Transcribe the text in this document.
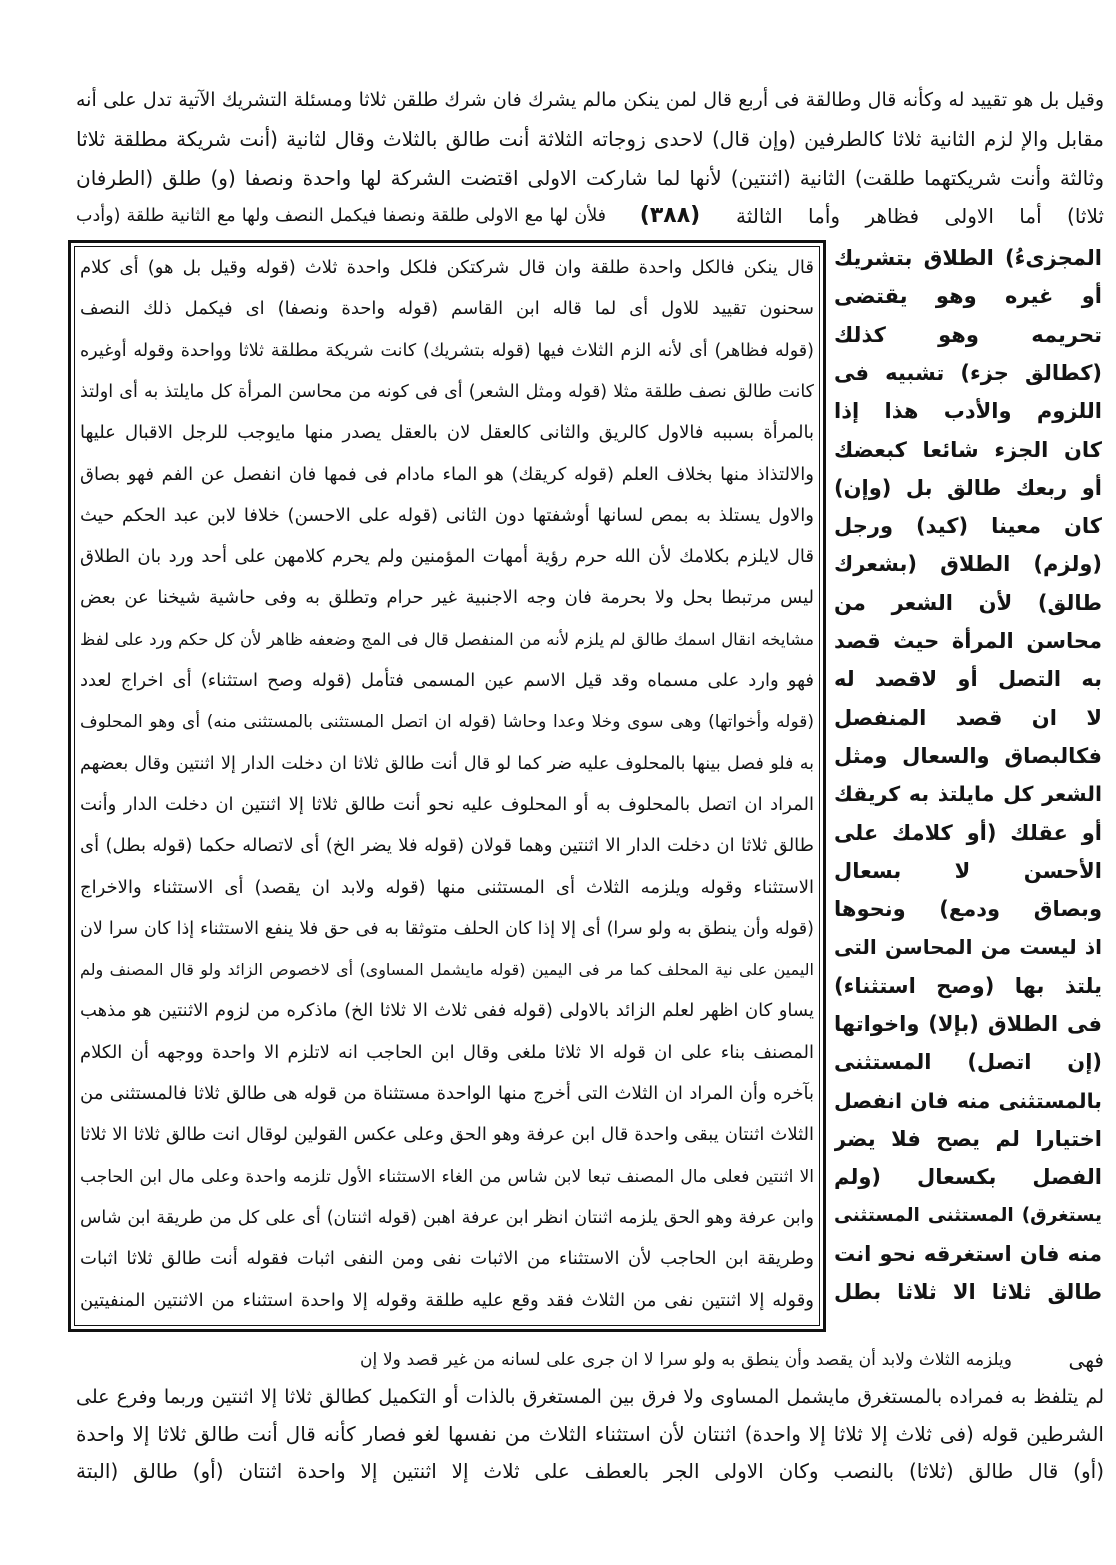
وقيل بل هو تقييد له وكأنه قال وطالقة فى أربع قال لمن ينكن مالم يشرك فان شرك طلقن ثلاثا ومسئلة التشريك الآتية تدل على أنه
مقابل والإ لزم الثانية ثلاثا كالطرفين (وإن قال) لاحدى زوجاته الثلاثة أنت طالق بالثلاث وقال لثانية (أنت شريكة مطلقة ثلاثا
وثالثة وأنت شريكتهما طلقت) الثانية (اثنتين) لأنها لما شاركت الاولى اقتضت الشركة لها واحدة ونصفا (و) طلق (الطرفان
ثلاثا) أما الاولى فظاهر وأما الثالثة
(٣٨٨)
فلأن لها مع الاولى طلقة ونصفا فيكمل النصف ولها مع الثانية طلقة (وأدب
قال ينكن فالكل واحدة طلقة وان قال شركتكن فلكل واحدة ثلاث (قوله وقيل بل هو) أى كلام
سحنون تقييد للاول أى لما قاله ابن القاسم (قوله واحدة ونصفا) اى فيكمل ذلك النصف
(قوله فظاهر) أى لأنه الزم الثلاث فيها (قوله بتشريك) كانت شريكة مطلقة ثلاثا وواحدة وقوله أوغيره
كانت طالق نصف طلقة مثلا (قوله ومثل الشعر) أى فى كونه من محاسن المرأة كل مايلتذ به أى اولتذ
بالمرأة بسببه فالاول كالريق والثانى كالعقل لان بالعقل يصدر منها مايوجب للرجل الاقبال عليها
والالتذاذ منها بخلاف العلم (قوله كريقك) هو الماء مادام فى فمها فان انفصل عن الفم فهو بصاق
والاول يستلذ به بمص لسانها أوشفتها دون الثانى (قوله على الاحسن) خلافا لابن عبد الحكم حيث
قال لايلزم بكلامك لأن الله حرم رؤية أمهات المؤمنين ولم يحرم كلامهن على أحد ورد بان الطلاق
ليس مرتبطا بحل ولا بحرمة فان وجه الاجنبية غير حرام وتطلق به وفى حاشية شيخنا عن بعض
مشايخه انقال اسمك طالق لم يلزم لأنه من المنفصل قال فى المج وضعفه ظاهر لأن كل حكم ورد على لفظ
فهو وارد على مسماه وقد قيل الاسم عين المسمى فتأمل (قوله وصح استثناء) أى اخراج لعدد
(قوله وأخواتها) وهى سوى وخلا وعدا وحاشا (قوله ان اتصل المستثنى بالمستثنى منه) أى وهو المحلوف
به فلو فصل بينها بالمحلوف عليه ضر كما لو قال أنت طالق ثلاثا ان دخلت الدار إلا اثنتين وقال بعضهم
المراد ان اتصل بالمحلوف به أو المحلوف عليه نحو أنت طالق ثلاثا إلا اثنتين ان دخلت الدار وأنت
طالق ثلاثا ان دخلت الدار الا اثنتين وهما قولان (قوله فلا يضر الخ) أى لاتصاله حكما (قوله بطل) أى
الاستثناء وقوله ويلزمه الثلاث أى المستثنى منها (قوله ولابد ان يقصد) أى الاستثناء والاخراج
(قوله وأن ينطق به ولو سرا) أى إلا إذا كان الحلف متوثقا به فى حق فلا ينفع الاستثناء إذا كان سرا لان
اليمين على نية المحلف كما مر فى اليمين (قوله مايشمل المساوى) أى لاخصوص الزائد ولو قال المصنف ولم
يساو كان اظهر لعلم الزائد بالاولى (قوله ففى ثلاث الا ثلاثا الخ) ماذكره من لزوم الاثنتين هو مذهب
المصنف بناء على ان قوله الا ثلاثا ملغى وقال ابن الحاجب انه لاتلزم الا واحدة ووجهه أن الكلام
بآخره وأن المراد ان الثلاث التى أخرج منها الواحدة مستثناة من قوله هى طالق ثلاثا فالمستثنى من
الثلاث اثنتان يبقى واحدة قال ابن عرفة وهو الحق وعلى عكس القولين لوقال انت طالق ثلاثا الا ثلاثا
الا اثنتين فعلى مال المصنف تبعا لابن شاس من الغاء الاستثناء الأول تلزمه واحدة وعلى مال ابن الحاجب
وابن عرفة وهو الحق يلزمه اثنتان انظر ابن عرفة اهبن (قوله اثنتان) أى على كل من طريقة ابن شاس
وطريقة ابن الحاجب لأن الاستثناء من الاثبات نفى ومن النفى اثبات فقوله أنت طالق ثلاثا اثبات
وقوله إلا اثنتين نفى من الثلاث فقد وقع عليه طلقة وقوله إلا واحدة استثناء من الاثنتين المنفيتين
المجزىءُ) الطلاق بتشريك
أو غيره وهو يقتضى
تحريمه وهو كذلك
(كطالق جزء) تشبيه فى
اللزوم والأدب هذا إذا
كان الجزء شائعا كبعضك
أو ربعك طالق بل (وإن)
كان معينا (كيد) ورجل
(ولزم) الطلاق (بشعرك
طالق) لأن الشعر من
محاسن المرأة حيث قصد
به التصل أو لاقصد له
لا ان قصد المنفصل
فكالبصاق والسعال ومثل
الشعر كل مايلتذ به كريقك
أو عقلك (أو كلامك على
الأحسن لا بسعال
وبصاق ودمع) ونحوها
اذ ليست من المحاسن التى
يلتذ بها (وصح استثناء)
فى الطلاق (بإلا) واخواتها
(إن اتصل) المستثنى
بالمستثنى منه فان انفصل
اختيارا لم يصح فلا يضر
الفصل بكسعال (ولم
يستغرق) المستثنى المستثنى
منه فان استغرقه نحو انت
طالق ثلاثا الا ثلاثا بطل
فهى
ويلزمه الثلاث ولابد أن يقصد وأن ينطق به ولو سرا لا ان جرى على لسانه من غير قصد ولا إن
لم يتلفظ به فمراده بالمستغرق مايشمل المساوى ولا فرق بين المستغرق بالذات أو التكميل كطالق ثلاثا إلا اثنتين وربما وفرع على
الشرطين قوله (فى ثلاث إلا ثلاثا إلا واحدة) اثنتان لأن استثناء الثلاث من نفسها لغو فصار كأنه قال أنت طالق ثلاثا إلا واحدة
(أو) قال طالق (ثلاثا) بالنصب وكان الاولى الجر بالعطف على ثلاث إلا اثنتين إلا واحدة اثنتان (أو) طالق (البتة
